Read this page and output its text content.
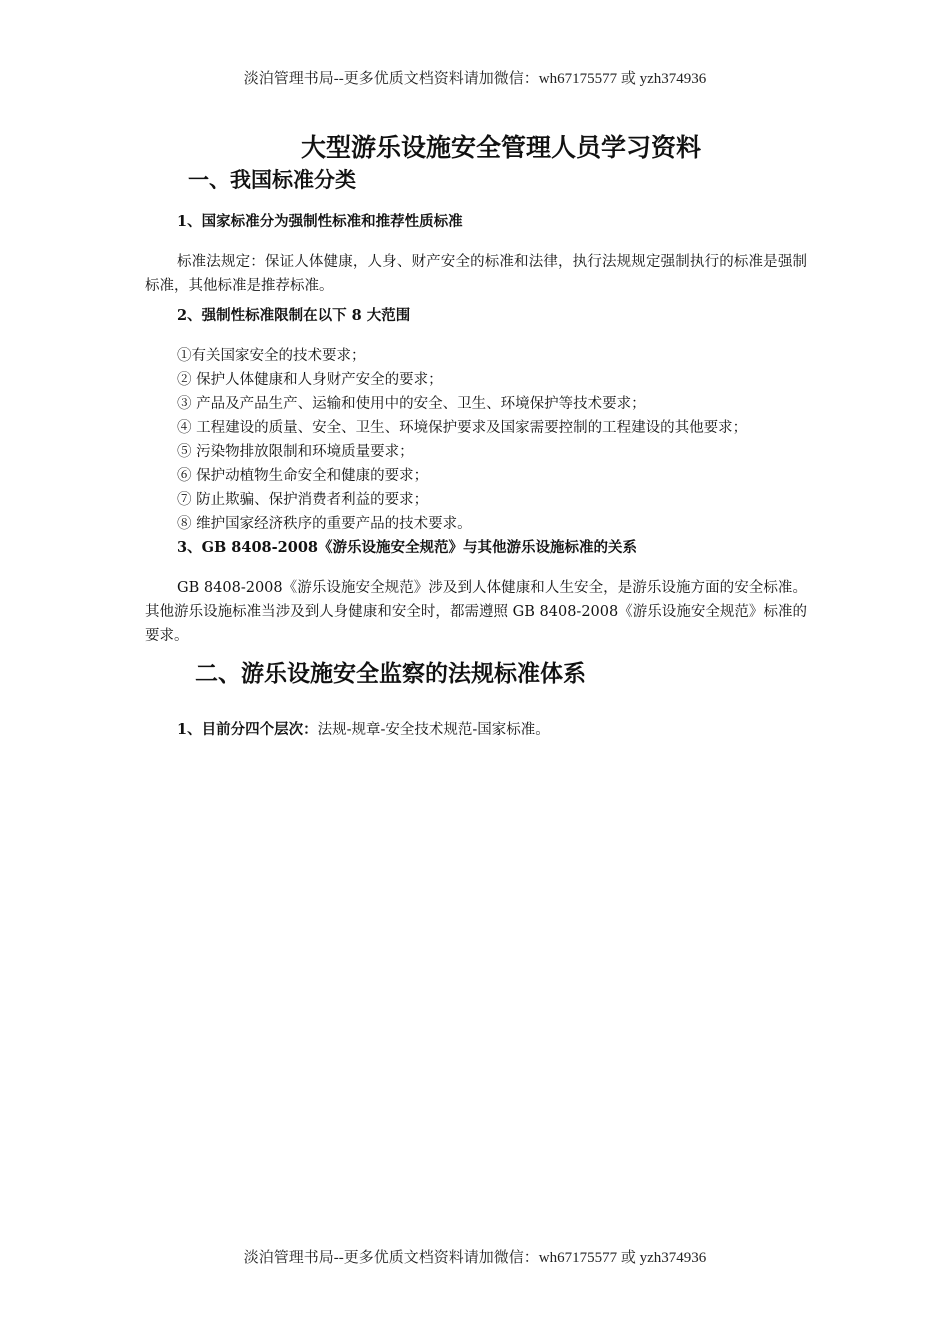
淡泊管理书局--更多优质文档资料请加微信：wh67175577 或 yzh374936
大型游乐设施安全管理人员学习资料
一、我国标准分类

1、国家标准分为强制性标准和推荐性质标准

标准法规定：保证人体健康，人身、财产安全的标准和法律，执行法规规定强制执行的标准是强制标准，其他标准是推荐标准。

2、强制性标准限制在以下 8 大范围

①有关国家安全的技术要求；

② 保护人体健康和人身财产安全的要求；

③ 产品及产品生产、运输和使用中的安全、卫生、环境保护等技术要求；

④ 工程建设的质量、安全、卫生、环境保护要求及国家需要控制的工程建设的其他要求；

⑤ 污染物排放限制和环境质量要求；

⑥ 保护动植物生命安全和健康的要求；

⑦ 防止欺骗、保护消费者利益的要求；

⑧ 维护国家经济秩序的重要产品的技术要求。

3、GB 8408-2008《游乐设施安全规范》与其他游乐设施标准的关系

GB 8408-2008《游乐设施安全规范》涉及到人体健康和人生安全，是游乐设施方面的安全标准。其他游乐设施标准当涉及到人身健康和安全时，都需遵照 GB 8408-2008《游乐设施安全规范》标准的要求。

二、游乐设施安全监察的法规标准体系

1、目前分四个层次：法规-规章-安全技术规范-国家标准。

淡泊管理书局--更多优质文档资料请加微信：wh67175577 或 yzh374936
